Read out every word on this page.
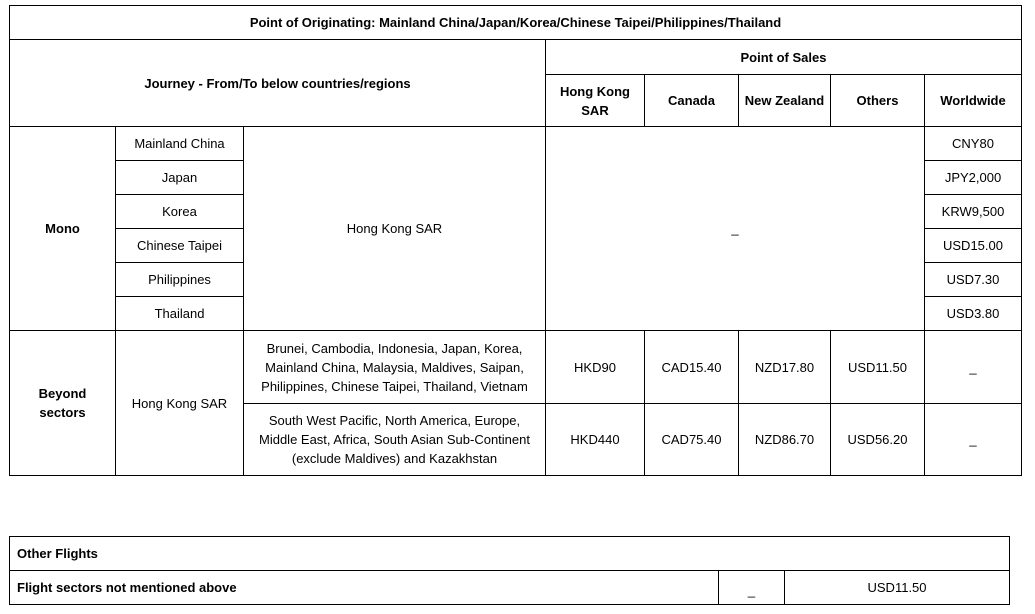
Point of Originating: Mainland China/Japan/Korea/Chinese Taipei/Philippines/Thailand							
Journey - From/To below countries/regions			Point of Sales				
			Hong Kong SAR	Canada	New Zealand	Others	Worldwide
Mono	Mainland China	Hong Kong SAR	_				CNY80
	Japan						JPY2,000
	Korea						KRW9,500
	Chinese Taipei						USD15.00
	Philippines						USD7.30
	Thailand						USD3.80
Beyond sectors	Hong Kong SAR	Brunei, Cambodia, Indonesia, Japan, Korea, Mainland China, Malaysia, Maldives, Saipan, Philippines, Chinese Taipei, Thailand, Vietnam	HKD90	CAD15.40	NZD17.80	USD11.50	_
		South West Pacific, North America, Europe, Middle East, Africa, South Asian Sub-Continent (exclude Maldives) and Kazakhstan	HKD440	CAD75.40	NZD86.70	USD56.20	_
Other Flights
Flight sectors not mentioned above	_	USD11.50
